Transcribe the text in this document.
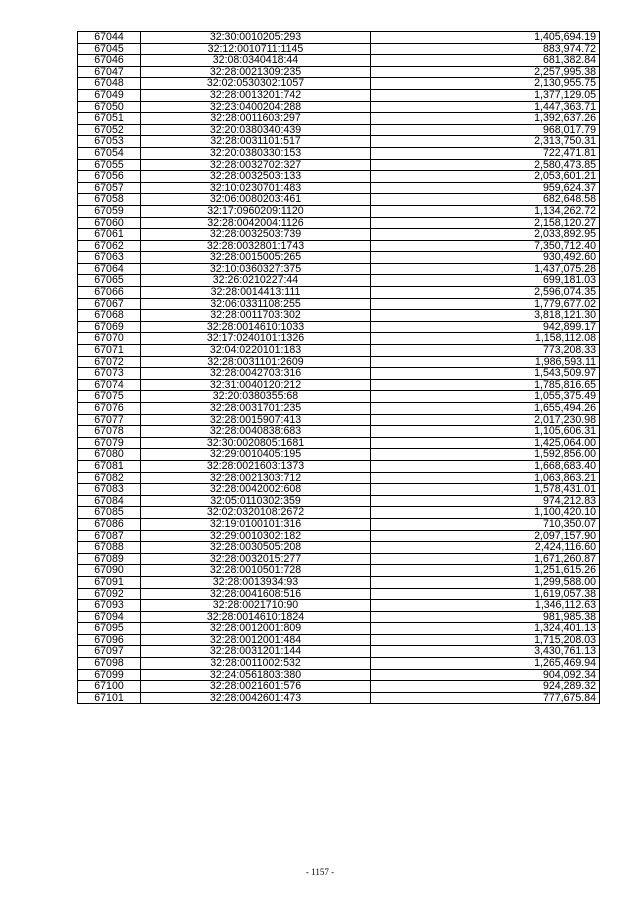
67044	32:30:0010205:293	1,405,694.19
67045	32:12:0010711:1145	883,974.72
67046	32:08:0340418:44	681,382.84
67047	32:28:0021309:235	2,257,995.38
67048	32:02:0530302:1057	2,130,955.75
67049	32:28:0013201:742	1,377,129.05
67050	32:23:0400204:288	1,447,363.71
67051	32:28:0011603:297	1,392,637.26
67052	32:20:0380340:439	968,017.79
67053	32:28:0031101:517	2,313,750.31
67054	32:20:0380330:153	722,471.81
67055	32:28:0032702:327	2,580,473.85
67056	32:28:0032503:133	2,053,601.21
67057	32:10:0230701:483	959,624.37
67058	32:06:0080203:461	682,648.58
67059	32:17:0960209:1120	1,134,262.72
67060	32:28:0042004:1126	2,158,120.27
67061	32:28:0032503:739	2,033,892.95
67062	32:28:0032801:1743	7,350,712.40
67063	32:28:0015005:265	930,492.60
67064	32:10:0360327:375	1,437,075.28
67065	32:26:0210227:44	699,181.03
67066	32:28:0014413:111	2,596,074.35
67067	32:06:0331108:255	1,779,677.02
67068	32:28:0011703:302	3,818,121.30
67069	32:28:0014610:1033	942,899.17
67070	32:17:0240101:1326	1,158,112.08
67071	32:04:0220101:183	773,208.33
67072	32:28:0031101:2609	1,986,593.11
67073	32:28:0042703:316	1,543,509.97
67074	32:31:0040120:212	1,785,816.65
67075	32:20:0380355:68	1,055,375.49
67076	32:28:0031701:235	1,655,494.26
67077	32:28:0015907:413	2,017,230.98
67078	32:28:0040838:683	1,105,606.31
67079	32:30:0020805:1681	1,425,064.00
67080	32:29:0010405:195	1,592,856.00
67081	32:28:0021603:1373	1,668,683.40
67082	32:28:0021303:712	1,063,863.21
67083	32:28:0042002:608	1,578,431.01
67084	32:05:0110302:359	974,212.83
67085	32:02:0320108:2672	1,100,420.10
67086	32:19:0100101:316	710,350.07
67087	32:29:0010302:182	2,097,157.90
67088	32:28:0030505:208	2,424,116.60
67089	32:28:0032015:277	1,671,260.87
67090	32:28:0010501:728	1,251,615.26
67091	32:28:0013934:93	1,299,588.00
67092	32:28:0041608:516	1,619,057.38
67093	32:28:0021710:90	1,346,112.63
67094	32:28:0014610:1824	981,985.38
67095	32:28:0012001:809	1,324,401.13
67096	32:28:0012001:484	1,715,208.03
67097	32:28:0031201:144	3,430,761.13
67098	32:28:0011002:532	1,265,469.94
67099	32:24:0561803:380	904,092.34
67100	32:28:0021601:576	924,289.32
67101	32:28:0042601:473	777,675.84
- 1157 -
